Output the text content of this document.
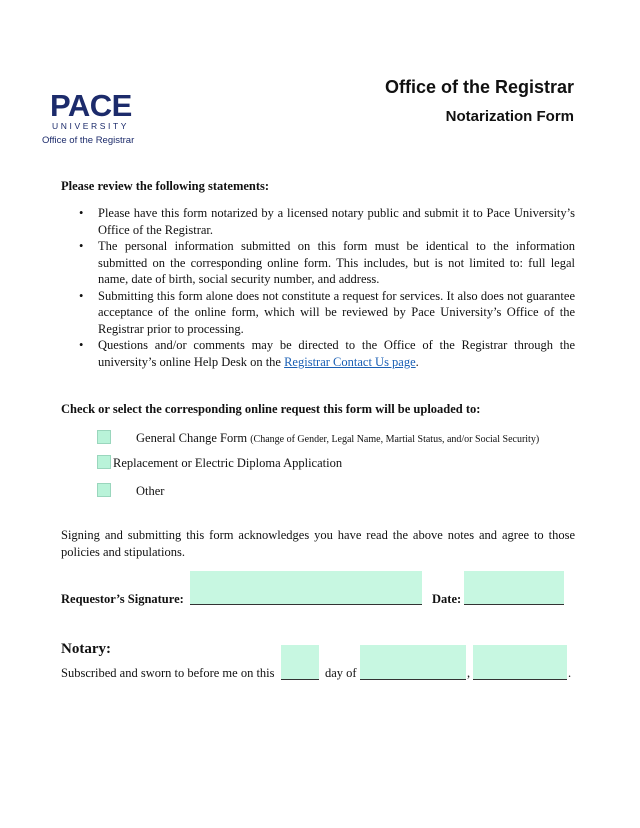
PACE
UNIVERSITY
Office of the Registrar
Office of the Registrar
Notarization Form
Please review the following statements:
• Please have this form notarized by a licensed notary public and submit it to Pace University’s Office of the Registrar.
• The personal information submitted on this form must be identical to the information submitted on the corresponding online form. This includes, but is not limited to: full legal name, date of birth, social security number, and address.
• Submitting this form alone does not constitute a request for services. It also does not guarantee acceptance of the online form, which will be reviewed by Pace University’s Office of the Registrar prior to processing.
• Questions and/or comments may be directed to the Office of the Registrar through the university’s online Help Desk on the Registrar Contact Us page.
Check or select the corresponding online request this form will be uploaded to:
General Change Form (Change of Gender, Legal Name, Martial Status, and/or Social Security)
Replacement or Electric Diploma Application
Other
Signing and submitting this form acknowledges you have read the above notes and agree to those policies and stipulations.
Requestor’s Signature:	Date:
Notary:
Subscribed and sworn to before me on this	day of	,	.
